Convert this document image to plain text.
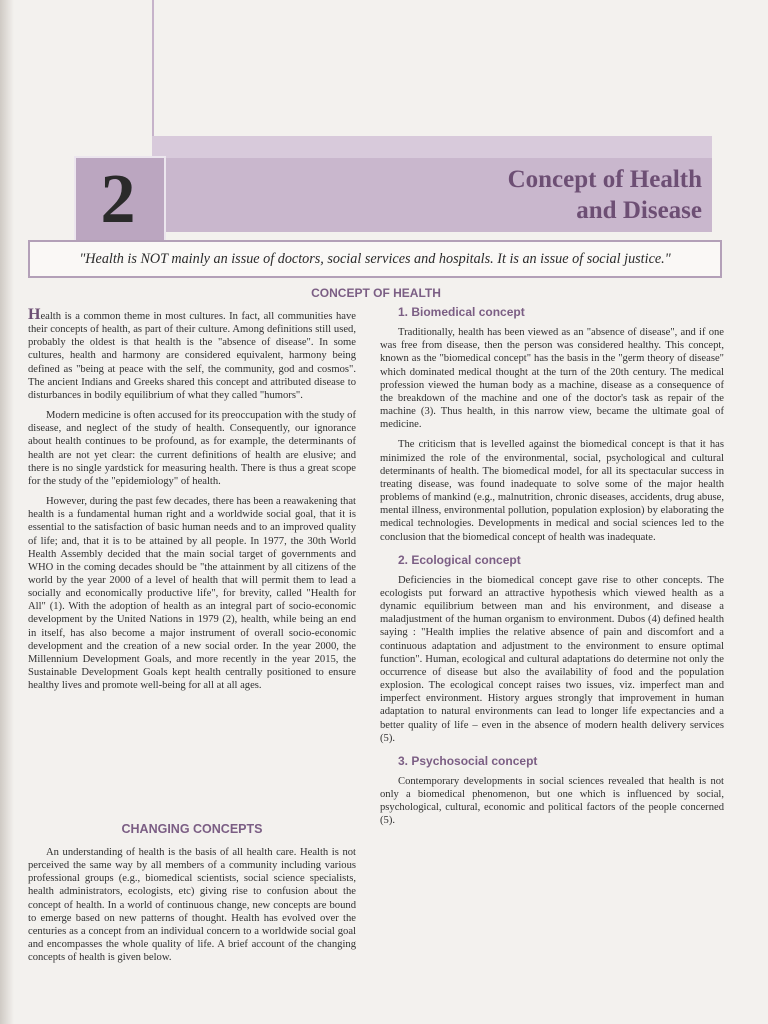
2	Concept of Health
and Disease
"Health is NOT mainly an issue of doctors, social services and hospitals. It is an issue of social justice."
CONCEPT OF HEALTH

Health is a common theme in most cultures. In fact, all communities have their concepts of health, as part of their culture. Among definitions still used, probably the oldest is that health is the "absence of disease". In some cultures, health and harmony are considered equivalent, harmony being defined as "being at peace with the self, the community, god and cosmos". The ancient Indians and Greeks shared this concept and attributed disease to disturbances in bodily equilibrium of what they called "humors".

Modern medicine is often accused for its preoccupation with the study of disease, and neglect of the study of health. Consequently, our ignorance about health continues to be profound, as for example, the determinants of health are not yet clear: the current definitions of health are elusive; and there is no single yardstick for measuring health. There is thus a great scope for the study of the "epidemiology" of health.

However, during the past few decades, there has been a reawakening that health is a fundamental human right and a worldwide social goal, that it is essential to the satisfaction of basic human needs and to an improved quality of life; and, that it is to be attained by all people. In 1977, the 30th World Health Assembly decided that the main social target of governments and WHO in the coming decades should be "the attainment by all citizens of the world by the year 2000 of a level of health that will permit them to lead a socially and economically productive life", for brevity, called "Health for All" (1). With the adoption of health as an integral part of socio-economic development by the United Nations in 1979 (2), health, while being an end in itself, has also become a major instrument of overall socio-economic development and the creation of a new social order. In the year 2000, the Millennium Development Goals, and more recently in the year 2015, the Sustainable Development Goals kept health centrally positioned to ensure healthy lives and promote well-being for all at all ages.

CHANGING CONCEPTS

An understanding of health is the basis of all health care. Health is not perceived the same way by all members of a community including various professional groups (e.g., biomedical scientists, social science specialists, health administrators, ecologists, etc) giving rise to confusion about the concept of health. In a world of continuous change, new concepts are bound to emerge based on new patterns of thought. Health has evolved over the centuries as a concept from an individual concern to a worldwide social goal and encompasses the whole quality of life. A brief account of the changing concepts of health is given below.

1. Biomedical concept

Traditionally, health has been viewed as an "absence of disease", and if one was free from disease, then the person was considered healthy. This concept, known as the "biomedical concept" has the basis in the "germ theory of disease" which dominated medical thought at the turn of the 20th century. The medical profession viewed the human body as a machine, disease as a consequence of the breakdown of the machine and one of the doctor's task as repair of the machine (3). Thus health, in this narrow view, became the ultimate goal of medicine.

The criticism that is levelled against the biomedical concept is that it has minimized the role of the environmental, social, psychological and cultural determinants of health. The biomedical model, for all its spectacular success in treating disease, was found inadequate to solve some of the major health problems of mankind (e.g., malnutrition, chronic diseases, accidents, drug abuse, mental illness, environmental pollution, population explosion) by elaborating the medical technologies. Developments in medical and social sciences led to the conclusion that the biomedical concept of health was inadequate.

2. Ecological concept

Deficiencies in the biomedical concept gave rise to other concepts. The ecologists put forward an attractive hypothesis which viewed health as a dynamic equilibrium between man and his environment, and disease a maladjustment of the human organism to environment. Dubos (4) defined health saying : "Health implies the relative absence of pain and discomfort and a continuous adaptation and adjustment to the environment to ensure optimal function". Human, ecological and cultural adaptations do determine not only the occurrence of disease but also the availability of food and the population explosion. The ecological concept raises two issues, viz. imperfect man and imperfect environment. History argues strongly that improvement in human adaptation to natural environments can lead to longer life expectancies and a better quality of life – even in the absence of modern health delivery services (5).

3. Psychosocial concept

Contemporary developments in social sciences revealed that health is not only a biomedical phenomenon, but one which is influenced by social, psychological, cultural, economic and political factors of the people concerned (5).
